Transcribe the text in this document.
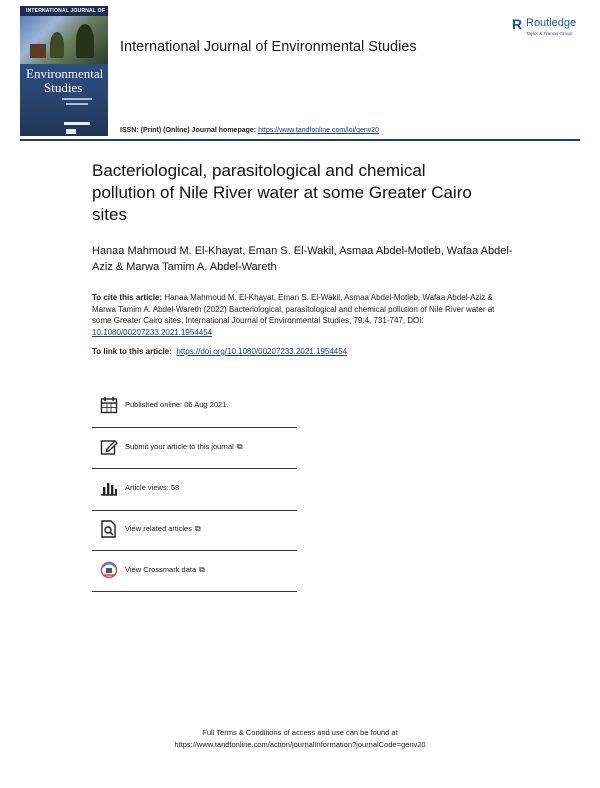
INTERNATIONAL JOURNAL OF
Environmental
Studies
International Journal of Environmental Studies
R Routledge
Taylor & Francis Group
ISSN: (Print) (Online) Journal homepage: https://www.tandfonline.com/loi/genv20
Bacteriological, parasitological and chemical pollution of Nile River water at some Greater Cairo sites
Hanaa Mahmoud M. El-Khayat, Eman S. El-Wakil, Asmaa Abdel-Motleb, Wafaa Abdel-Aziz & Marwa Tamim A. Abdel-Wareth
To cite this article: Hanaa Mahmoud M. El-Khayat, Eman S. El-Wakil, Asmaa Abdel-Motleb, Wafaa Abdel-Aziz & Marwa Tamim A. Abdel-Wareth (2022) Bacteriological, parasitological and chemical pollution of Nile River water at some Greater Cairo sites, International Journal of Environmental Studies, 79:4, 731-747, DOI: 10.1080/00207233.2021.1954454
To link to this article: https://doi.org/10.1080/00207233.2021.1954454
Published online: 06 Aug 2021.
Submit your article to this journal ⧉
Article views: 58
View related articles ⧉
View Crossmark data ⧉
Full Terms & Conditions of access and use can be found at
https://www.tandfonline.com/action/journalInformation?journalCode=genv20
